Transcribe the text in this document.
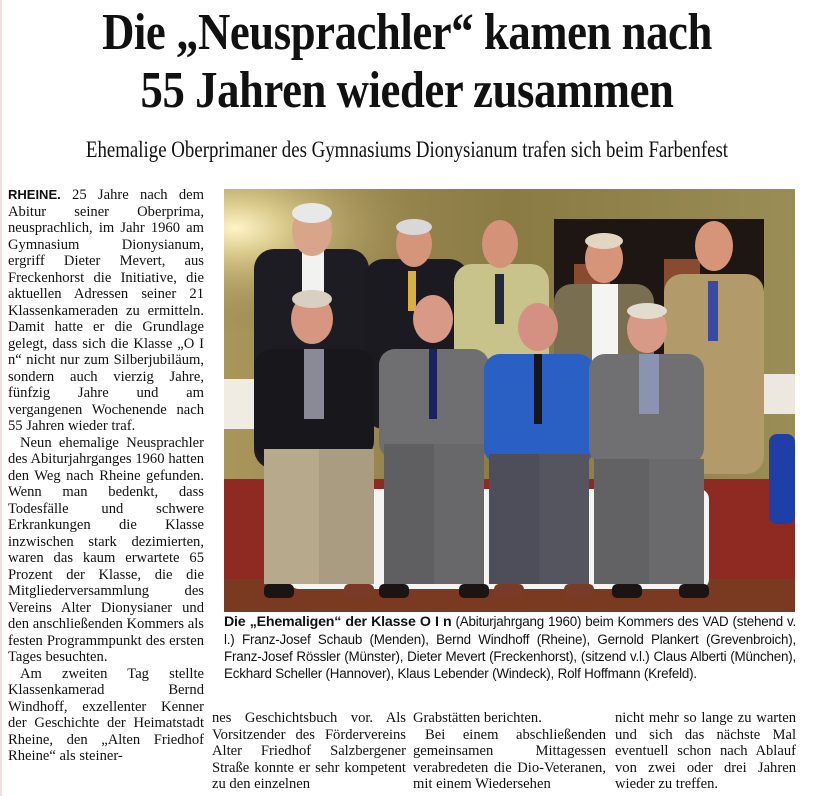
Die „Neusprachler“ kamen nach
55 Jahren wieder zusammen
Ehemalige Oberprimaner des Gymnasiums Dionysianum trafen sich beim Farbenfest

RHEINE. 25 Jahre nach dem Abitur seiner Oberprima, neusprachlich, im Jahr 1960 am Gymnasium Dionysianum, ergriff Dieter Mevert, aus Freckenhorst die Initiative, die aktuellen Adressen seiner 21 Klassenkameraden zu ermitteln. Damit hatte er die Grundlage gelegt, dass sich die Klasse „O I n“ nicht nur zum Silberjubiläum, sondern auch vierzig Jahre, fünfzig Jahre und am vergangenen Wochenende nach 55 Jahren wieder traf.

Neun ehemalige Neusprachler des Abiturjahrganges 1960 hatten den Weg nach Rheine gefunden. Wenn man bedenkt, dass Todesfälle und schwere Erkrankungen die Klasse inzwischen stark dezimierten, waren das kaum erwartete 65 Prozent der Klasse, die die Mitgliederversammlung des Vereins Alter Dionysianer und den anschließenden Kommers als festen Programmpunkt des ersten Tages besuchten.

Am zweiten Tag stellte Klassenkamerad Bernd Windhoff, exzellenter Kenner der Geschichte der Heimatstadt Rheine, den „Alten Friedhof Rheine“ als steiner-

Die „Ehemaligen“ der Klasse O I n (Abiturjahrgang 1960) beim Kommers des VAD (stehend v. l.) Franz-Josef Schaub (Menden), Bernd Windhoff (Rheine), Gernold Plankert (Grevenbroich), Franz-Josef Rössler (Münster), Dieter Mevert (Freckenhorst), (sitzend v.l.) Claus Alberti (München), Eckhard Scheller (Hannover), Klaus Lebender (Windeck), Rolf Hoffmann (Krefeld).

nes Geschichtsbuch vor. Als Vorsitzender des Fördervereins Alter Friedhof Salzbergener Straße konnte er sehr kompetent zu den einzelnen

Grabstätten berichten.

Bei einem abschließenden gemeinsamen Mittagessen verabredeten die Dio-Veteranen, mit einem Wiedersehen

nicht mehr so lange zu warten und sich das nächste Mal eventuell schon nach Ablauf von zwei oder drei Jahren wieder zu treffen.
